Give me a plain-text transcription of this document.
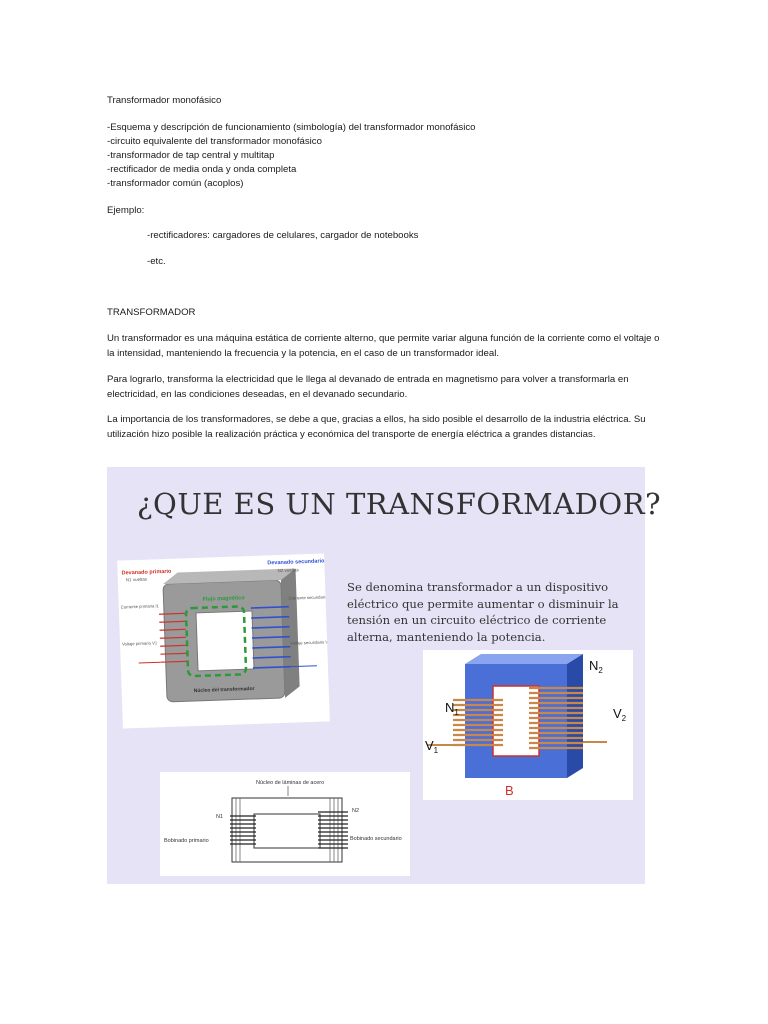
Transformador monofásico
-Esquema y descripción de funcionamiento (simbología) del transformador monofásico
-circuito equivalente del transformador monofásico
-transformador de tap central y multitap
-rectificador de media onda y onda completa
-transformador común (acoplos)
Ejemplo:
-rectificadores: cargadores de celulares, cargador de notebooks
-etc.
TRANSFORMADOR
Un transformador es una máquina estática de corriente alterno, que permite variar alguna función de la corriente como el voltaje o la intensidad, manteniendo la frecuencia y la potencia, en el caso de un transformador ideal.
Para lograrlo, transforma la electricidad que le llega al devanado de entrada en magnetismo para volver a transformarla en electricidad, en las condiciones deseadas, en el devanado secundario.
La importancia de los transformadores, se debe a que, gracias a ellos, ha sido posible el desarrollo de la industria eléctrica. Su utilización hizo posible la realización práctica y económica del transporte de energía eléctrica a grandes distancias.
¿QUE ES UN TRANSFORMADOR?
Se denomina transformador a un dispositivo eléctrico que permite aumentar o disminuir la tensión en un circuito eléctrico de corriente alterna, manteniendo la potencia.
Devanado primario
N1 vueltas
Devanado secundario
N2 vueltas
Flujo magnético
Núcleo del transformador
Corriente primaria I1
Voltaje primario V1
Corriente secundaria I2
Voltaje secundario V2
$N_2$
$N_1$	$V_2$
$V_1$
B
Núcleo de láminas de acero
N1
N2
Bobinado primario	Bobinado secundario
